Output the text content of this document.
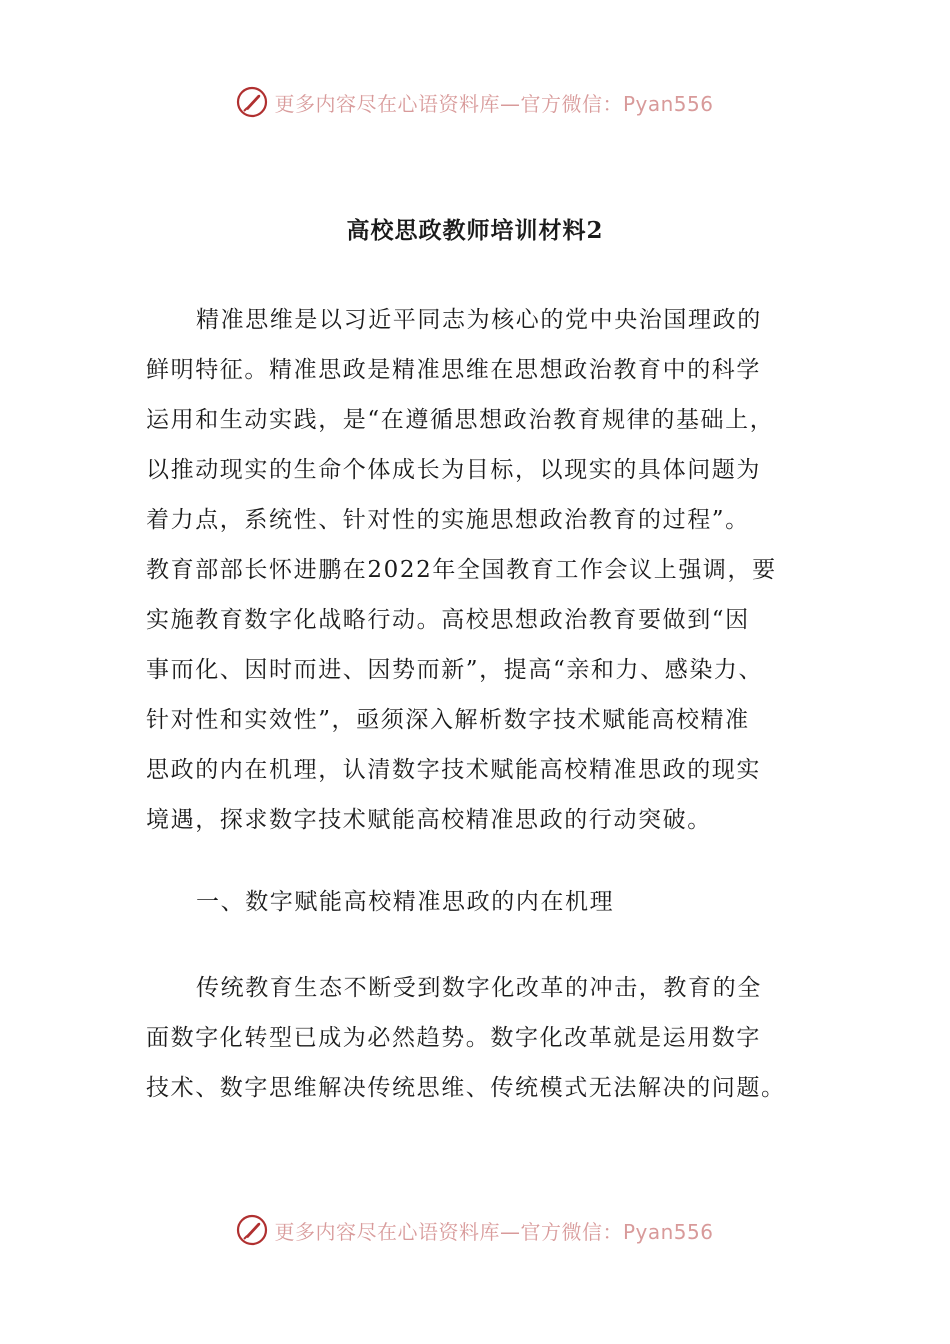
更多内容尽在心语资料库—官方微信：Pyan556
高校思政教师培训材料2
精准思维是以习近平同志为核心的党中央治国理政的
鲜明特征。精准思政是精准思维在思想政治教育中的科学
运用和生动实践，是“在遵循思想政治教育规律的基础上，
以推动现实的生命个体成长为目标，以现实的具体问题为
着力点，系统性、针对性的实施思想政治教育的过程”。
教育部部长怀进鹏在2022年全国教育工作会议上强调，要
实施教育数字化战略行动。高校思想政治教育要做到“因
事而化、因时而进、因势而新”，提高“亲和力、感染力、
针对性和实效性”，亟须深入解析数字技术赋能高校精准
思政的内在机理，认清数字技术赋能高校精准思政的现实
境遇，探求数字技术赋能高校精准思政的行动突破。
一、数字赋能高校精准思政的内在机理
传统教育生态不断受到数字化改革的冲击，教育的全
面数字化转型已成为必然趋势。数字化改革就是运用数字
技术、数字思维解决传统思维、传统模式无法解决的问题。
更多内容尽在心语资料库—官方微信：Pyan556
